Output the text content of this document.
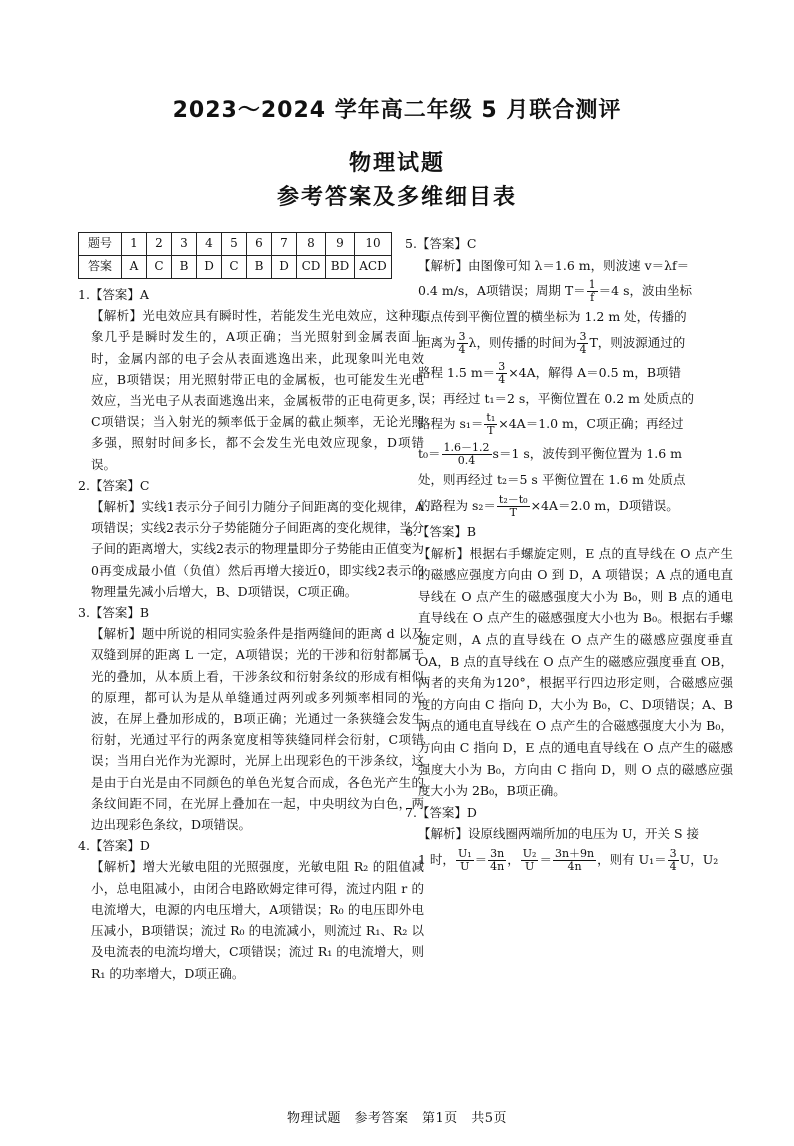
2023～2024 学年高二年级 5 月联合测评
物理试题
参考答案及多维细目表
题号	1	2	3	4	5	6	7	8	9	10
答案	A	C	B	D	C	B	D	CD	BD	ACD

1.【答案】A

【解析】光电效应具有瞬时性，若能发生光电效应，这种现象几乎是瞬时发生的，A项正确；当光照射到金属表面上时，金属内部的电子会从表面逃逸出来，此现象叫光电效应，B项错误；用光照射带正电的金属板，也可能发生光电效应，当光电子从表面逃逸出来，金属板带的正电荷更多，C项错误；当入射光的频率低于金属的截止频率，无论光照多强，照射时间多长，都不会发生光电效应现象，D项错误。

2.【答案】C

【解析】实线1表示分子间引力随分子间距离的变化规律，A项错误；实线2表示分子势能随分子间距离的变化规律，当分子间的距离增大，实线2表示的物理量即分子势能由正值变为0再变成最小值（负值）然后再增大接近0，即实线2表示的物理量先减小后增大，B、D项错误，C项正确。

3.【答案】B

【解析】题中所说的相同实验条件是指两缝间的距离 d 以及双缝到屏的距离 L 一定，A项错误；光的干涉和衍射都属于光的叠加，从本质上看，干涉条纹和衍射条纹的形成有相似的原理，都可认为是从单缝通过两列或多列频率相同的光波，在屏上叠加形成的，B项正确；光通过一条狭缝会发生衍射，光通过平行的两条宽度相等狭缝同样会衍射，C项错误；当用白光作为光源时，光屏上出现彩色的干涉条纹，这是由于白光是由不同颜色的单色光复合而成，各色光产生的条纹间距不同，在光屏上叠加在一起，中央明纹为白色，两边出现彩色条纹，D项错误。

4.【答案】D

【解析】增大光敏电阻的光照强度，光敏电阻 R₂ 的阻值减小，总电阻减小，由闭合电路欧姆定律可得，流过内阻 r 的电流增大，电源的内电压增大，A项错误；R₀ 的电压即外电压减小，B项错误；流过 R₀ 的电流减小，则流过 R₁、R₂ 以及电流表的电流均增大，C项错误；流过 R₁ 的电流增大，则 R₁ 的功率增大，D项正确。

5.【答案】C

【解析】由图像可知 λ＝1.6 m，则波速 v＝λf＝
0.4 m/s，A项错误；周期 $T= \frac{1}{f} =4$ s，波由坐标
原点传到平衡位置的横坐标为 1.2 m 处，传播的
距离为 $\frac{3}{4}$ λ，则传播的时间为 $\frac{3}{4}$ T，则波源通过的
路程 1.5 $m= \frac{3}{4} \times 4A$，解得 A＝0.5 m，B项错
误；再经过 t₁＝2 s，平衡位置在 0.2 m 处质点的
路程为 $s_1= \frac{\text{t₁}}{T} \times 4A=1.0$ m，C项正确；再经过
$t_0= \frac{1.6-1.2}{0.4} s=1$ s，波传到平衡位置为 1.6 m
处，则再经过 t₂＝5 s 平衡位置在 1.6 m 处质点
的路程为 $s_2= \frac{\text{t₂－t₀}}{T} \times 4A=2.0$ m，D项错误。

6.【答案】B

【解析】根据右手螺旋定则，E 点的直导线在 O 点产生的磁感应强度方向由 O 到 D，A 项错误；A 点的通电直导线在 O 点产生的磁感强度大小为 B₀，则 B 点的通电直导线在 O 点产生的磁感强度大小也为 B₀。根据右手螺旋定则，A 点的直导线在 O 点产生的磁感应强度垂直 OA，B 点的直导线在 O 点产生的磁感应强度垂直 OB，两者的夹角为120°，根据平行四边形定则，合磁感应强度的方向由 C 指向 D，大小为 B₀，C、D项错误；A、B 两点的通电直导线在 O 点产生的合磁感强度大小为 B₀，方向由 C 指向 D，E 点的通电直导线在 O 点产生的磁感强度大小为 B₀，方向由 C 指向 D，则 O 点的磁感应强度大小为 2B₀，B项正确。

7.【答案】D

【解析】设原线圈两端所加的电压为 U，开关 S 接
1 时， $\frac{\text{U₁}}{U} = \frac{3n}{4n}$ ， $\frac{\text{U₂}}{U} = \frac{3n+9n}{4n}$ ，则有 $U_1= \frac{3}{4}$ U，U₂
物理试题　参考答案　第1页　共5页
